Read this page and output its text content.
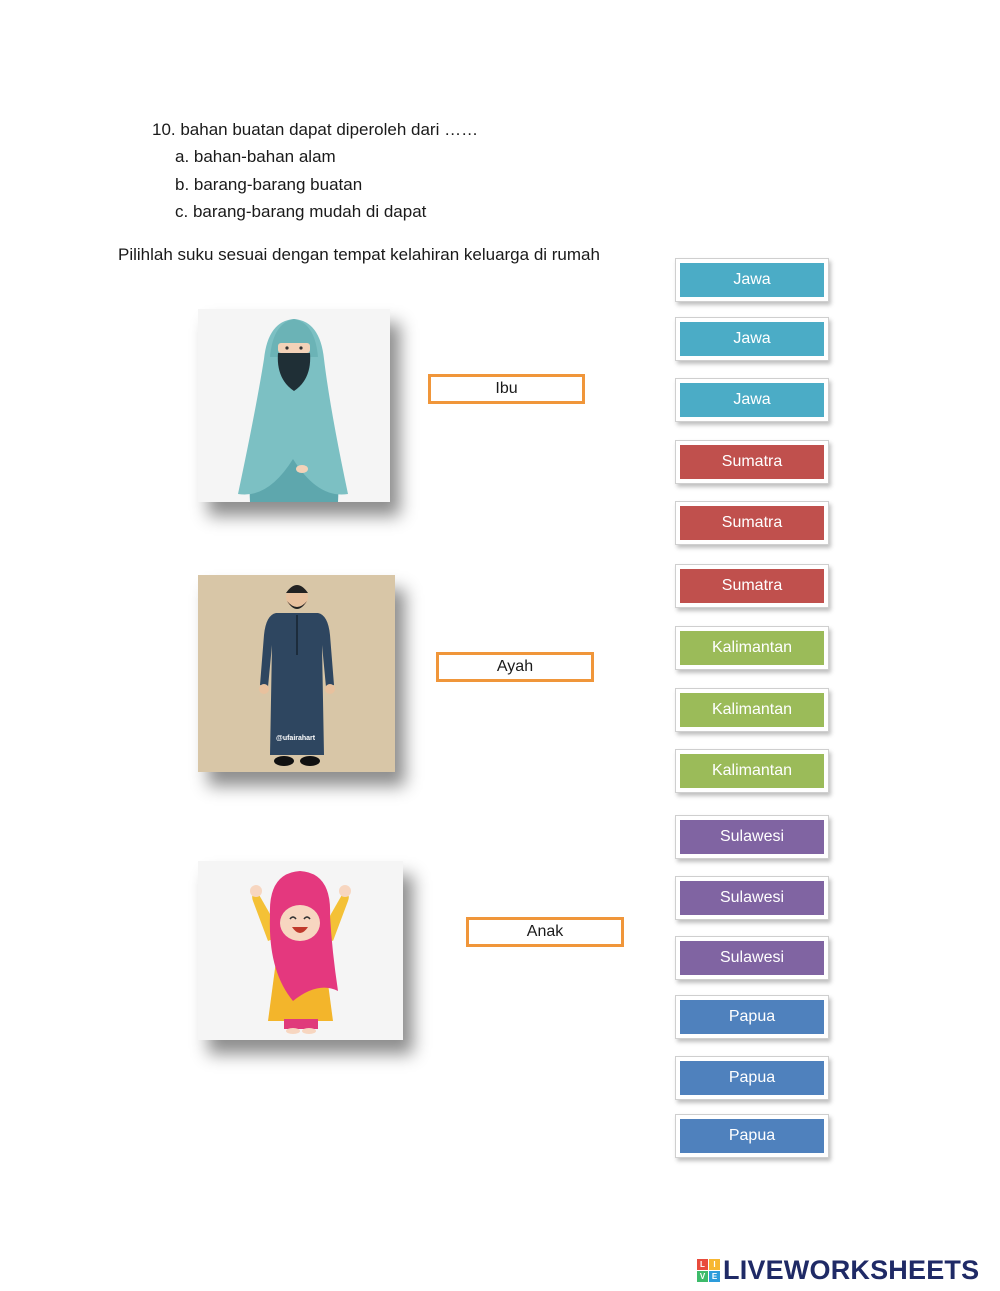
10. bahan buatan dapat diperoleh dari ……
a. bahan-bahan alam
b. barang-barang buatan
c. barang-barang mudah di dapat
Pilihlah suku sesuai dengan tempat kelahiran keluarga di rumah
Ibu
@ufairahart
Ayah
Anak
Jawa
Jawa
Jawa
Sumatra
Sumatra
Sumatra
Kalimantan
Kalimantan
Kalimantan
Sulawesi
Sulawesi
Sulawesi
Papua
Papua
Papua
L	I
V E LIVEWORKSHEETS
